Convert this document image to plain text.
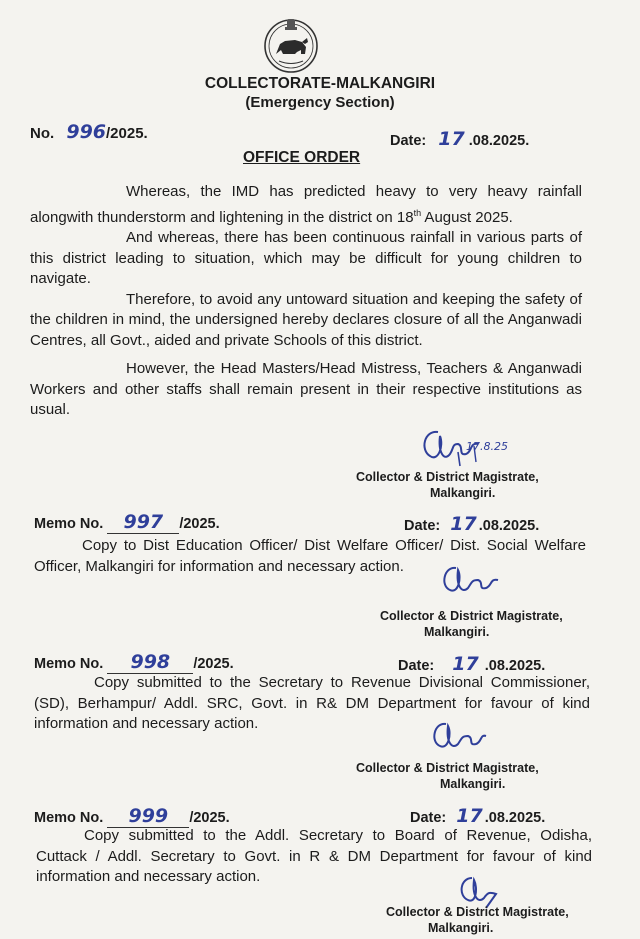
COLLECTORATE-MALKANGIRI
(Emergency Section)
No. 996/2025.	Date: 17 .08.2025.
OFFICE ORDER

Whereas, the IMD has predicted heavy to very heavy rainfall alongwith thunderstorm and lightening in the district on 18th August 2025.

And whereas, there has been continuous rainfall in various parts of this district leading to situation, which may be difficult for young children to navigate.

Therefore, to avoid any untoward situation and keeping the safety of the children in mind, the undersigned hereby declares closure of all the Anganwadi Centres, all Govt., aided and private Schools of this district.

However, the Head Masters/Head Mistress, Teachers & Anganwadi Workers and other staffs shall remain present in their respective institutions as usual.

17.8.25
Collector & District Magistrate,
Malkangiri.
Memo No. 997 /2025.	Date: 17 .08.2025.

Copy to Dist Education Officer/ Dist Welfare Officer/ Dist. Social Welfare Officer, Malkangiri for information and necessary action.

Collector & District Magistrate,
Malkangiri.
Memo No. 998 /2025.	Date: 17 .08.2025.

Copy submitted to the Secretary to Revenue Divisional Commissioner, (SD), Berhampur/ Addl. SRC, Govt. in R& DM Department for favour of kind information and necessary action.

Collector & District Magistrate,
Malkangiri.
Memo No. 999 /2025.	Date: 17 .08.2025.

Copy submitted to the Addl. Secretary to Board of Revenue, Odisha, Cuttack / Addl. Secretary to Govt. in R & DM Department for favour of kind information and necessary action.

Collector & District Magistrate,
Malkangiri.
